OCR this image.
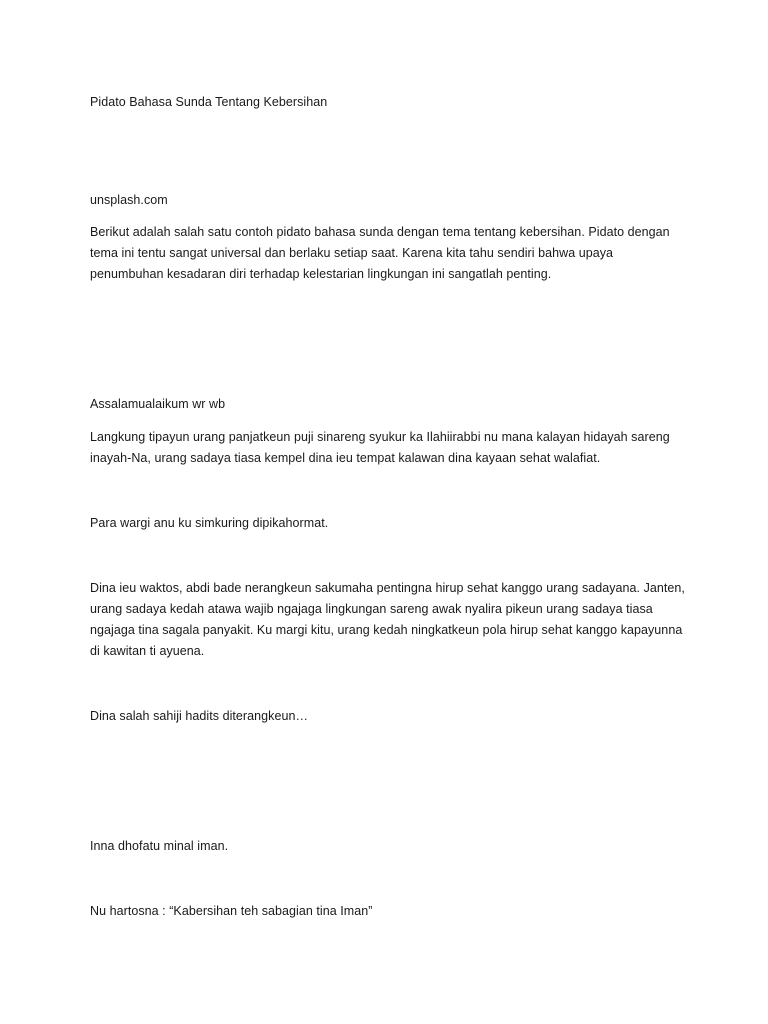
Pidato Bahasa Sunda Tentang Kebersihan
unsplash.com
Berikut adalah salah satu contoh pidato bahasa sunda dengan tema tentang kebersihan. Pidato dengan
tema ini tentu sangat universal dan berlaku setiap saat. Karena kita tahu sendiri bahwa upaya
penumbuhan kesadaran diri terhadap kelestarian lingkungan ini sangatlah penting.
Assalamualaikum wr wb
Langkung tipayun urang panjatkeun puji sinareng syukur ka Ilahiirabbi nu mana kalayan hidayah sareng
inayah-Na, urang sadaya tiasa kempel dina ieu tempat kalawan dina kayaan sehat walafiat.
Para wargi anu ku simkuring dipikahormat.
Dina ieu waktos, abdi bade nerangkeun sakumaha pentingna hirup sehat kanggo urang sadayana. Janten,
urang sadaya kedah atawa wajib ngajaga lingkungan sareng awak nyalira pikeun urang sadaya tiasa
ngajaga tina sagala panyakit. Ku margi kitu, urang kedah ningkatkeun pola hirup sehat kanggo kapayunna
di kawitan ti ayuena.
Dina salah sahiji hadits diterangkeun…
Inna dhofatu minal iman.
Nu hartosna : “Kabersihan teh sabagian tina Iman”
